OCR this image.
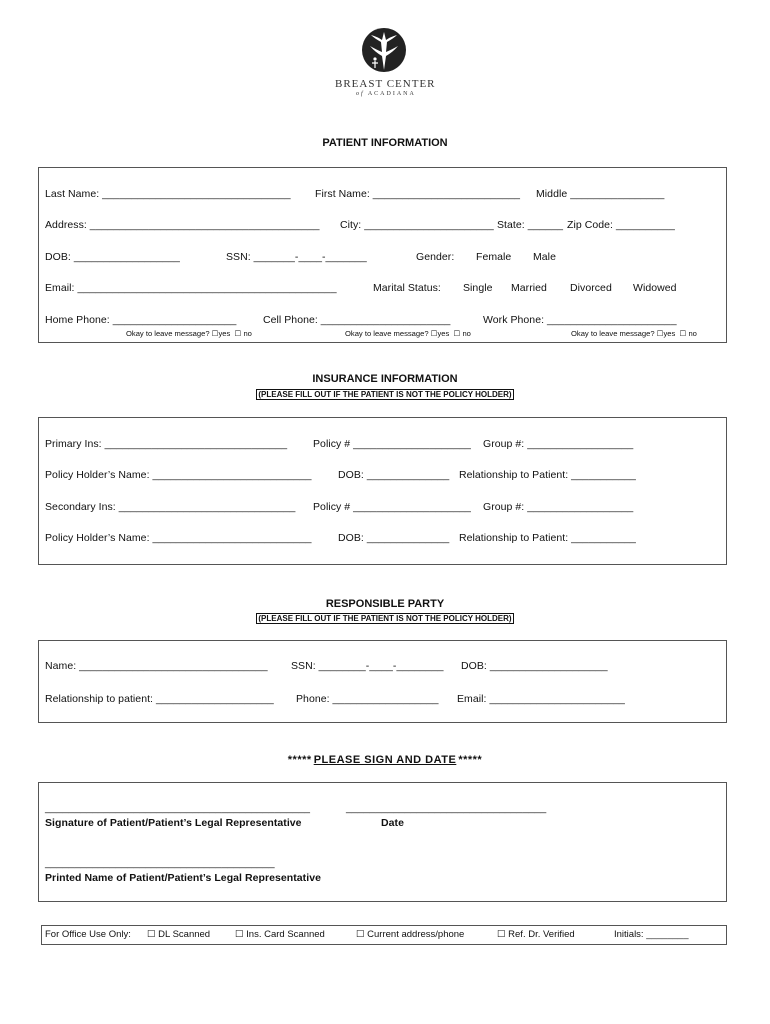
BREAST CENTER

of ACADIANA

PATIENT INFORMATION
Last Name: ________________________________ First Name: _________________________ Middle ________________
Address: _______________________________________ City: ______________________ State: ______ Zip Code: __________
DOB: __________________	SSN: _______-____-_______	Gender: Female Male
Email: ____________________________________________	Marital Status: Single Married Divorced Widowed
Home Phone: _____________________	Cell Phone: ______________________	Work Phone: ______________________
Okay to leave message? ☐yes  ☐ no	Okay to leave message? ☐yes  ☐ no	Okay to leave message? ☐yes  ☐ no
INSURANCE INFORMATION
(PLEASE FILL OUT IF THE PATIENT IS NOT THE POLICY HOLDER)
Primary Ins: _______________________________ Policy # ____________________ Group #: __________________
Policy Holder’s Name: ___________________________	DOB: ______________ Relationship to Patient: ___________
Secondary Ins: ______________________________ Policy # ____________________ Group #: __________________
Policy Holder’s Name: ___________________________	DOB: ______________ Relationship to Patient: ___________
RESPONSIBLE PARTY
(PLEASE FILL OUT IF THE PATIENT IS NOT THE POLICY HOLDER)
Name: ________________________________ SSN: ________-____-________ DOB: ____________________
Relationship to patient: ____________________ Phone: __________________ Email: _______________________
***** PLEASE SIGN AND DATE *****
_____________________________________________	__________________________________
Signature of Patient/Patient’s Legal Representative	Date
_______________________________________
Printed Name of Patient/Patient’s Legal Representative
For Office Use Only: ☐ DL Scanned	☐ Ins. Card Scanned	☐ Current address/phone	☐ Ref. Dr. Verified	Initials: ________
